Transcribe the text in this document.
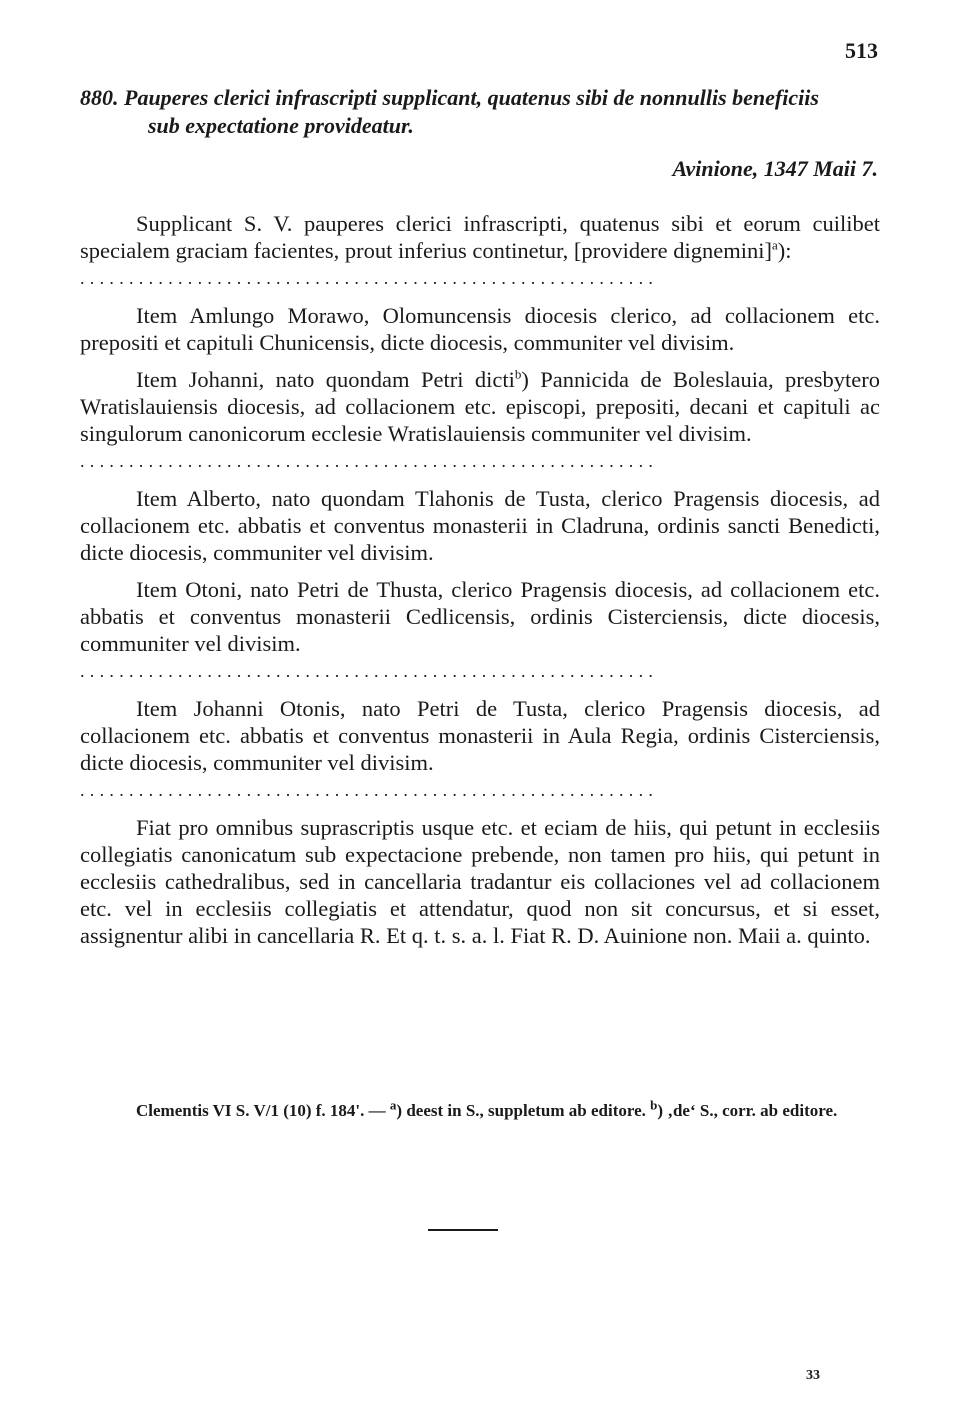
513
880. Pauperes clerici infrascripti supplicant, quatenus sibi de nonnullis beneficiis
sub expectatione provideatur.
Avinione, 1347 Maii 7.

Supplicant S. V. pauperes clerici infrascripti, quatenus sibi et eorum cuilibet specialem graciam facientes, prout inferius continetur, [providere dignemini]$^a$):

...........................................................

Item Amlungo Morawo, Olomuncensis diocesis clerico, ad collacionem etc. prepositi et capituli Chunicensis, dicte diocesis, communiter vel divisim.

Item Johanni, nato quondam Petri dicti$^b$) Pannicida de Boleslauia, presbytero Wratislauiensis diocesis, ad collacionem etc. episcopi, prepositi, decani et capituli ac singulorum canonicorum ecclesie Wratislauiensis communiter vel divisim.

...........................................................

Item Alberto, nato quondam Tlahonis de Tusta, clerico Pragensis diocesis, ad collacionem etc. abbatis et conventus monasterii in Cladruna, ordinis sancti Benedicti, dicte diocesis, communiter vel divisim.

Item Otoni, nato Petri de Thusta, clerico Pragensis diocesis, ad collacionem etc. abbatis et conventus monasterii Cedlicensis, ordinis Cisterciensis, dicte diocesis, communiter vel divisim.

...........................................................

Item Johanni Otonis, nato Petri de Tusta, clerico Pragensis diocesis, ad collacionem etc. abbatis et conventus monasterii in Aula Regia, ordinis Cisterciensis, dicte diocesis, communiter vel divisim.

...........................................................

Fiat pro omnibus suprascriptis usque etc. et eciam de hiis, qui petunt in ecclesiis collegiatis canonicatum sub expectacione prebende, non tamen pro hiis, qui petunt in ecclesiis cathedralibus, sed in cancellaria tradantur eis collaciones vel ad collacionem etc. vel in ecclesiis collegiatis et attendatur, quod non sit concursus, et si esset, assignentur alibi in cancellaria R. Et q. t. s. a. l. Fiat R. D. Auinione non. Maii a. quinto.

Clementis VI S. V/1 (10) f. 184'. — $^a$) deest in S., suppletum ab editore. $^b$) ‚de‘ S., corr. ab editore.
33
